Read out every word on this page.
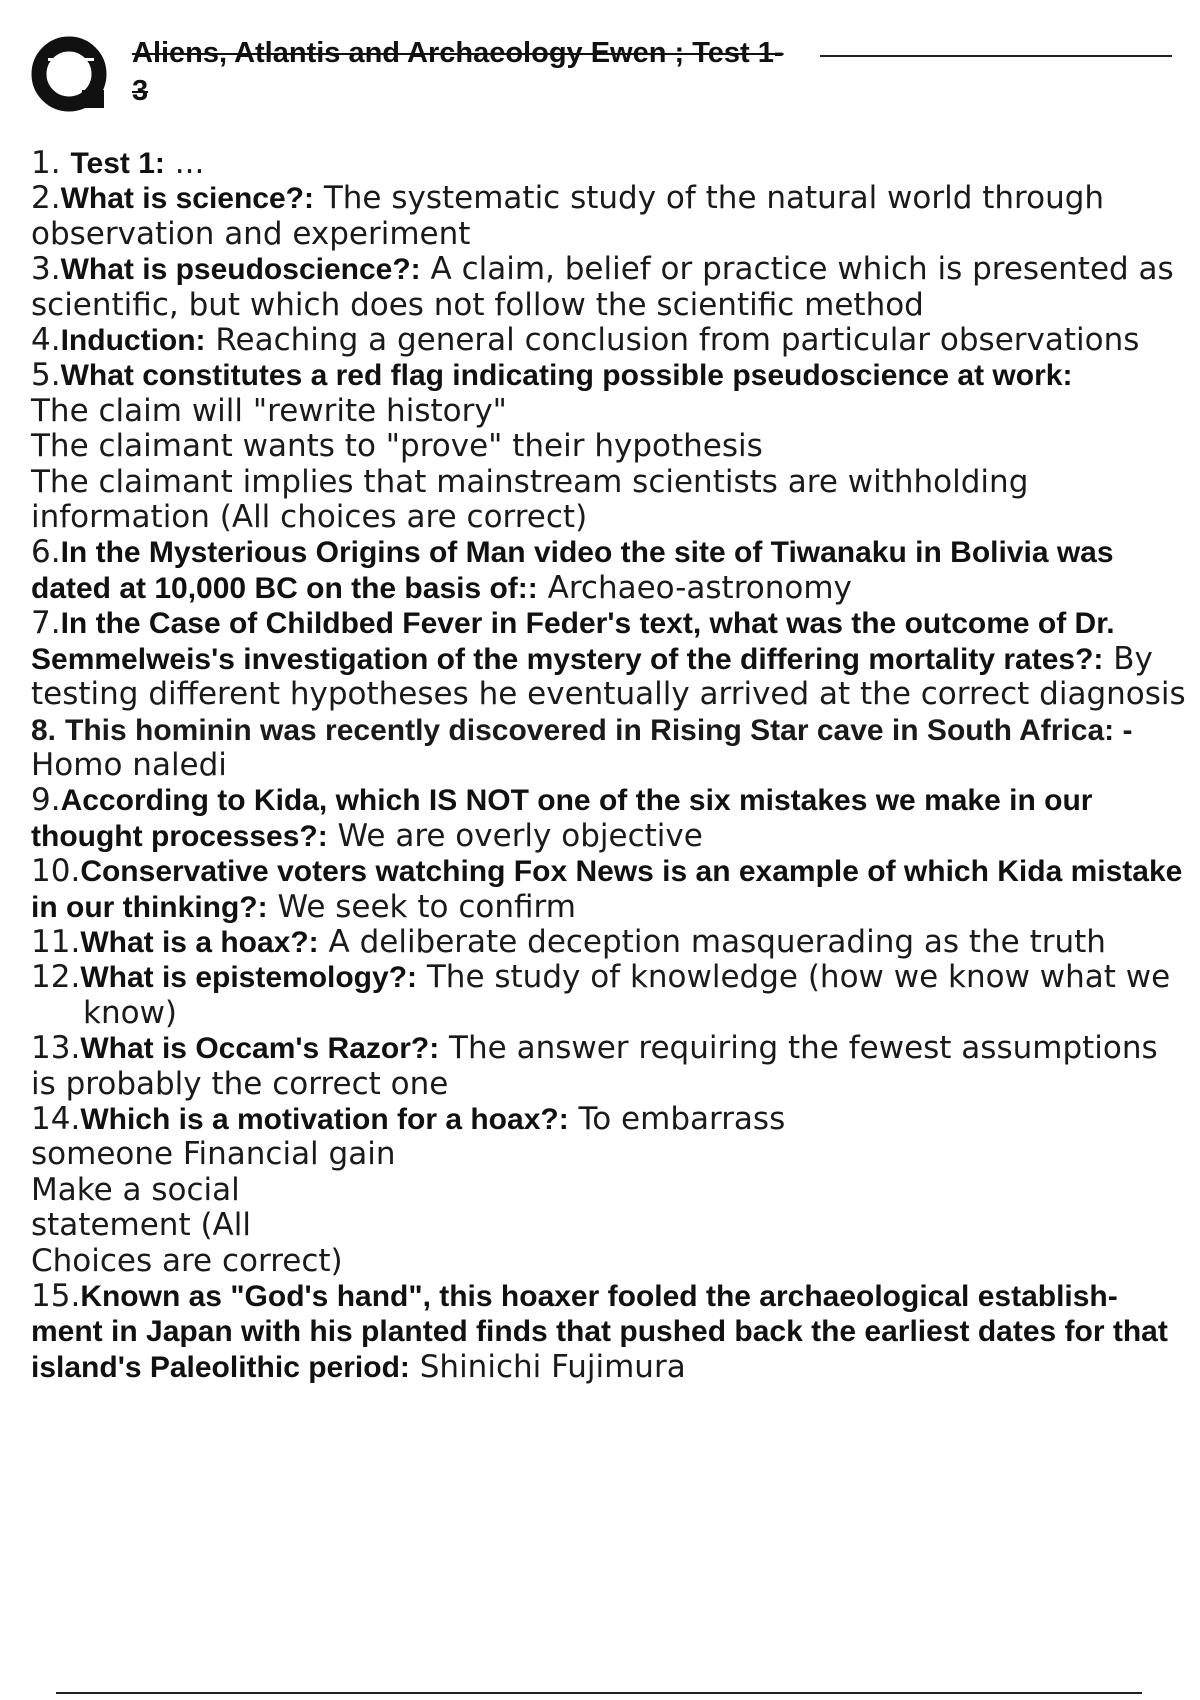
Aliens, Atlantis and Archaeology Ewen ; Test 1-
3
1. Test 1: ...
2.What is science?: The systematic study of the natural world through observation and experiment
3.What is pseudoscience?: A claim, belief or practice which is presented as scientific, but which does not follow the scientific method
4.Induction: Reaching a general conclusion from particular observations
5.What constitutes a red flag indicating possible pseudoscience at work:
The claim will "rewrite history"
The claimant wants to "prove" their hypothesis
The claimant implies that mainstream scientists are withholding information (All choices are correct)
6.In the Mysterious Origins of Man video the site of Tiwanaku in Bolivia was dated at 10,000 BC on the basis of:: Archaeo-astronomy
7.In the Case of Childbed Fever in Feder's text, what was the outcome of Dr. Semmelweis's investigation of the mystery of the differing mortality rates?: By testing different hypotheses he eventually arrived at the correct diagnosis
8. This hominin was recently discovered in Rising Star cave in South Africa: -
Homo naledi
9.According to Kida, which IS NOT one of the six mistakes we make in our thought processes?: We are overly objective
10.Conservative voters watching Fox News is an example of which Kida mistake in our thinking?: We seek to confirm
11.What is a hoax?: A deliberate deception masquerading as the truth
12.What is epistemology?: The study of knowledge (how we know what we know)
13.What is Occam's Razor?: The answer requiring the fewest assumptions is probably the correct one
14.Which is a motivation for a hoax?: To embarrass
someone Financial gain
Make a social
statement (All
Choices are correct)
15.Known as "God's hand", this hoaxer fooled the archaeological establish- ment in Japan with his planted finds that pushed back the earliest dates for that island's Paleolithic period: Shinichi Fujimura
